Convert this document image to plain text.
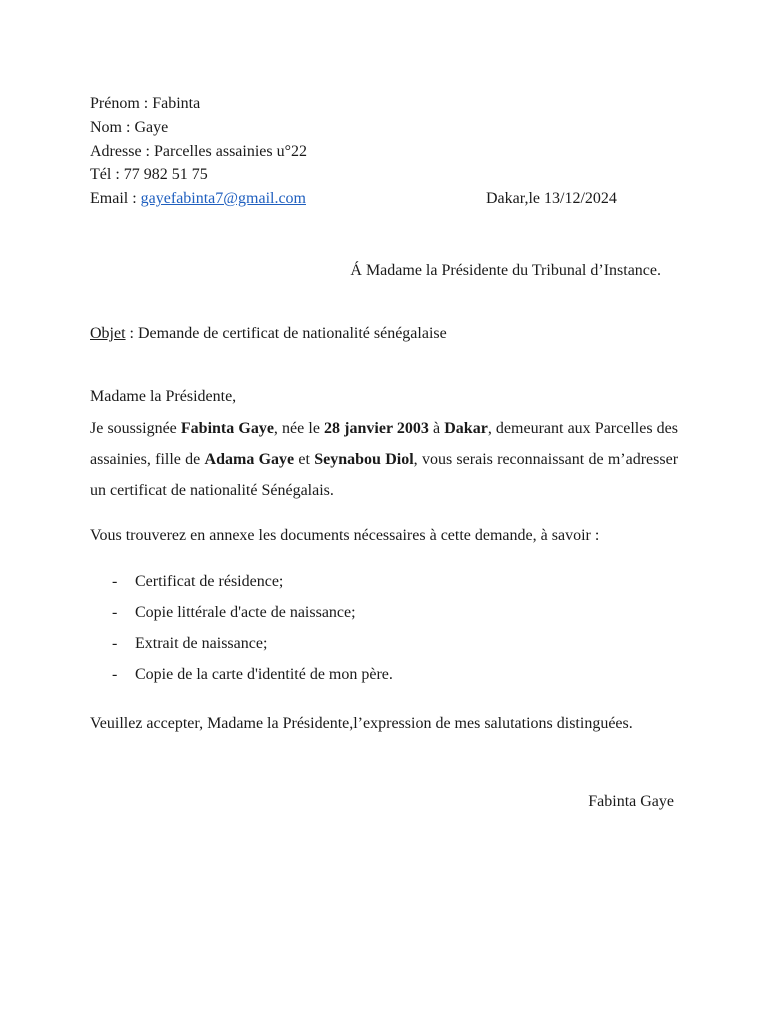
Prénom : Fabinta
Nom : Gaye
Adresse : Parcelles assainies u°22
Tél : 77 982 51 75
Email : gayefabinta7@gmail.com	Dakar,le 13/12/2024
Á Madame la Présidente du Tribunal d’Instance.
Objet : Demande de certificat de nationalité sénégalaise
Madame la Présidente,
Je soussignée Fabinta Gaye, née le 28 janvier 2003 à Dakar, demeurant aux Parcelles des assainies, fille de Adama Gaye et Seynabou Diol, vous serais reconnaissant de m’adresser un certificat de nationalité Sénégalais.
Vous trouverez en annexe les documents nécessaires à cette demande, à savoir :
- Certificat de résidence;
- Copie littérale d'acte de naissance;
- Extrait de naissance;
- Copie de la carte d'identité de mon père.
Veuillez accepter, Madame la Présidente,l’expression de mes salutations distinguées.
Fabinta Gaye
